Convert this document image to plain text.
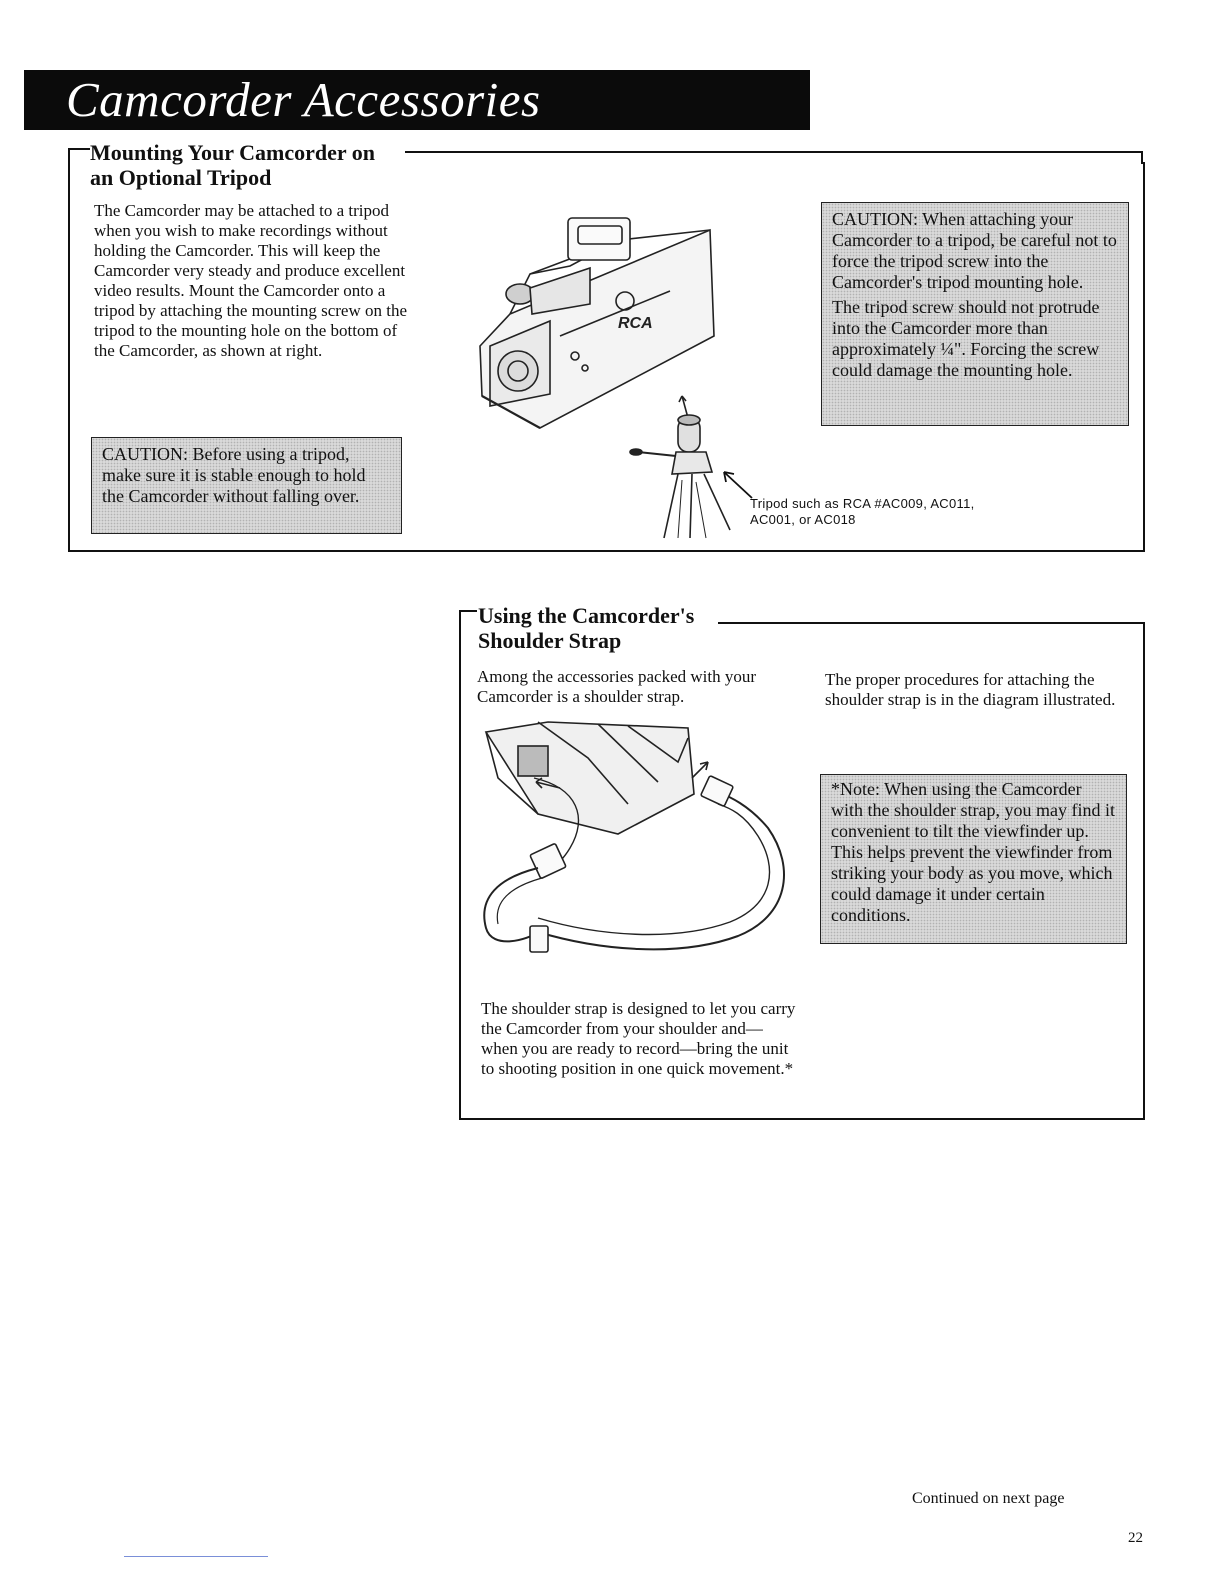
Camcorder Accessories
Mounting Your Camcorder on
an Optional Tripod

The Camcorder may be attached to a tripod when you wish to make recordings without holding the Camcorder. This will keep the Camcorder very steady and produce excellent video results. Mount the Camcorder onto a tripod by attaching the mounting screw on the tripod to the mounting hole on the bottom of the Camcorder, as shown at right.

CAUTION: Before using a tripod, make sure it is stable enough to hold the Camcorder without falling over.

RCA
Tripod such as RCA #AC009, AC011, AC001, or AC018

CAUTION: When attaching your Camcorder to a tripod, be careful not to force the tripod screw into the Camcorder's tripod mounting hole.

The tripod screw should not protrude into the Camcorder more than approximately ¼". Forcing the screw could damage the mounting hole.

Using the Camcorder's
Shoulder Strap

Among the accessories packed with your Camcorder is a shoulder strap.

The proper procedures for attaching the shoulder strap is in the diagram illustrated.

*Note: When using the Camcorder with the shoulder strap, you may find it convenient to tilt the viewfinder up. This helps prevent the viewfinder from striking your body as you move, which could damage it under certain conditions.

The shoulder strap is designed to let you carry the Camcorder from your shoulder and—when you are ready to record—bring the unit to shooting position in one quick movement.*

Continued on next page
22
